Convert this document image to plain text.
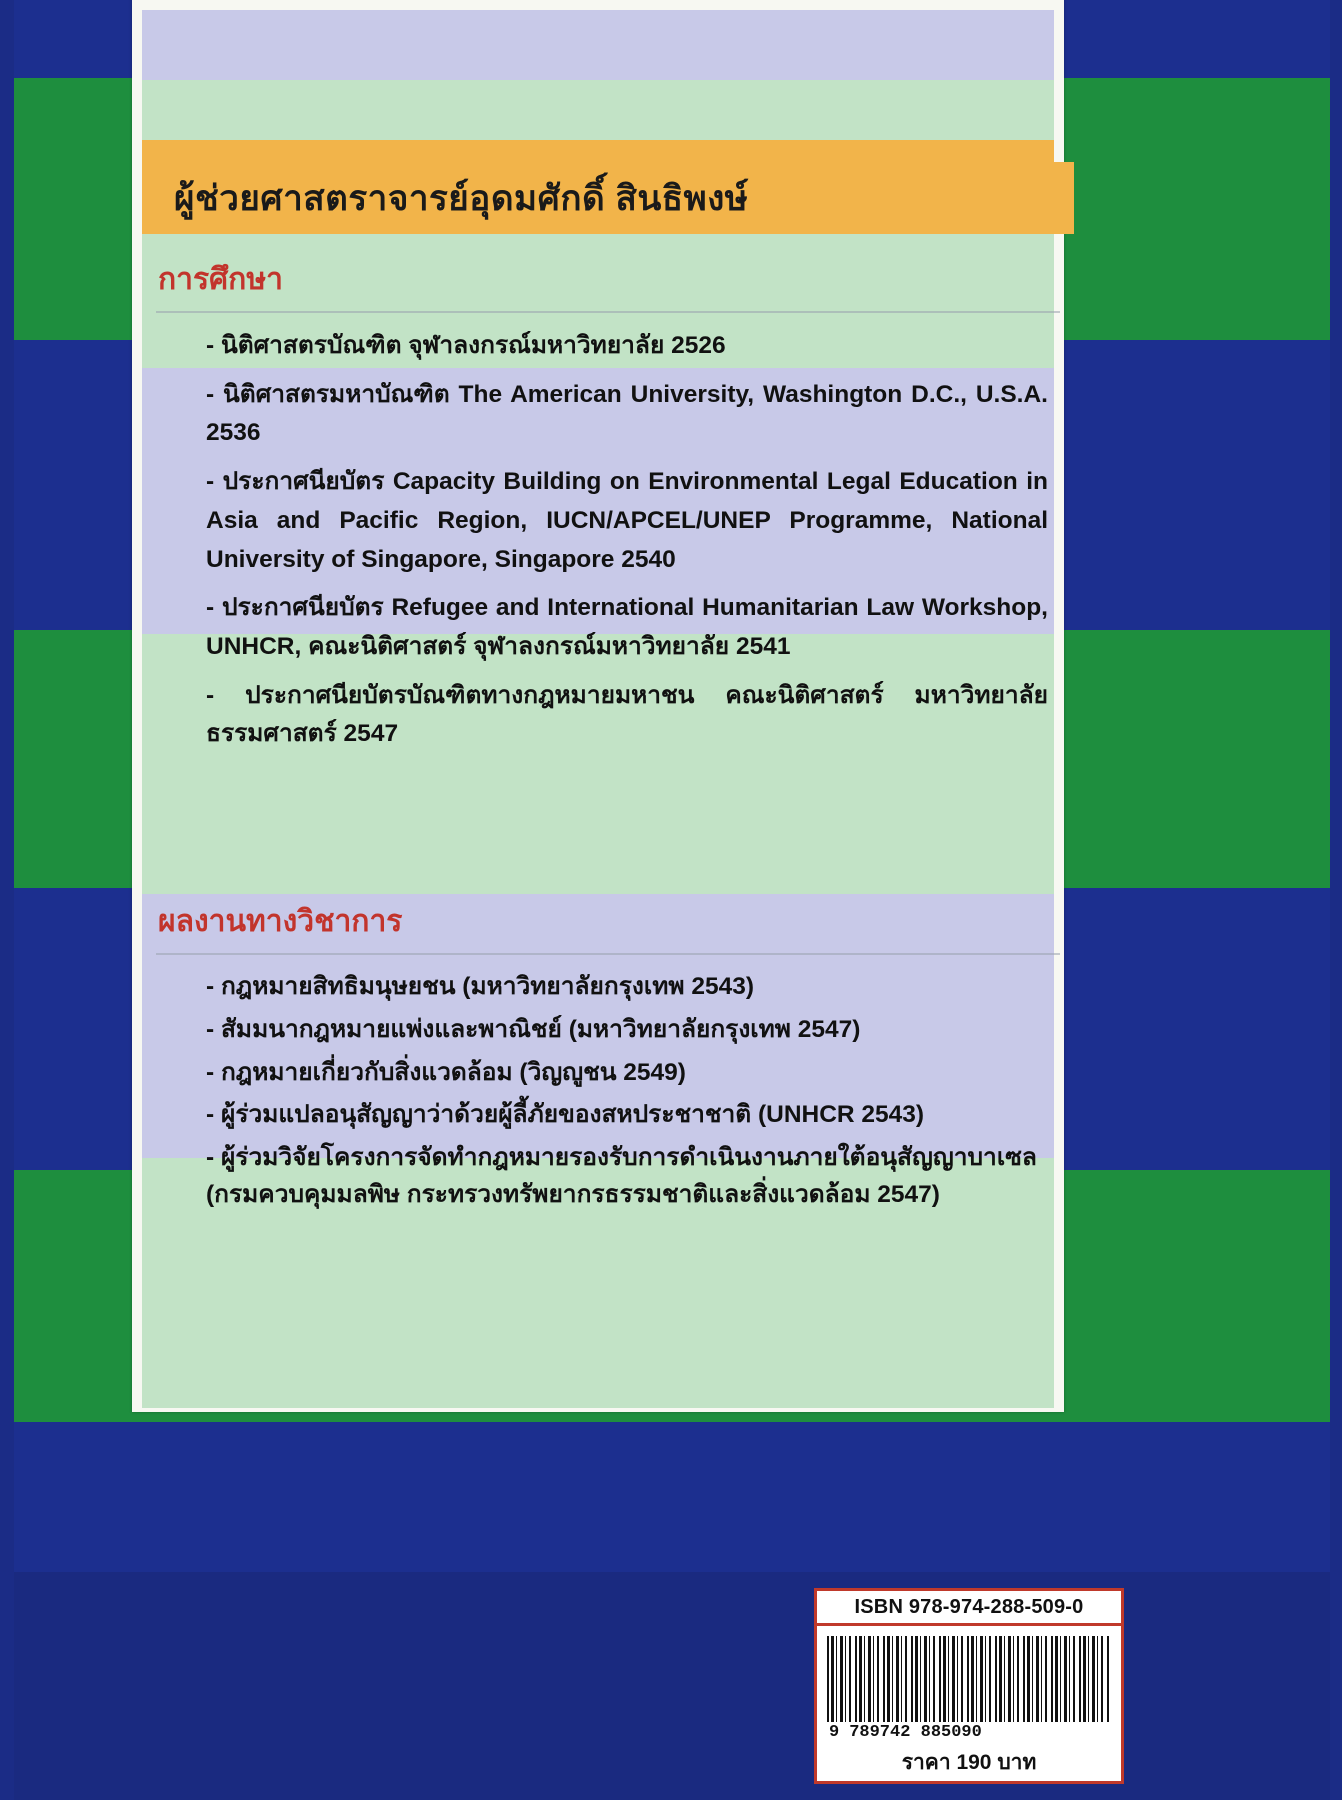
ผู้ช่วยศาสตราจารย์อุดมศักดิ์ สินธิพงษ์
การศึกษา
- นิติศาสตรบัณฑิต จุฬาลงกรณ์มหาวิทยาลัย 2526
- นิติศาสตรมหาบัณฑิต The American University, Washington D.C., U.S.A. 2536
- ประกาศนียบัตร Capacity Building on Environmental Legal Education in Asia and Pacific Region, IUCN/APCEL/UNEP Programme, National University of Singapore, Singapore 2540
- ประกาศนียบัตร Refugee and International Humanitarian Law Workshop, UNHCR, คณะนิติศาสตร์ จุฬาลงกรณ์มหาวิทยาลัย 2541
- ประกาศนียบัตรบัณฑิตทางกฎหมายมหาชน คณะนิติศาสตร์ มหาวิทยาลัยธรรมศาสตร์ 2547
ผลงานทางวิชาการ
- กฎหมายสิทธิมนุษยชน (มหาวิทยาลัยกรุงเทพ 2543)
- สัมมนากฎหมายแพ่งและพาณิชย์ (มหาวิทยาลัยกรุงเทพ 2547)
- กฎหมายเกี่ยวกับสิ่งแวดล้อม (วิญญูชน 2549)
- ผู้ร่วมแปลอนุสัญญาว่าด้วยผู้ลี้ภัยของสหประชาชาติ (UNHCR 2543)
- ผู้ร่วมวิจัยโครงการจัดทำกฎหมายรองรับการดำเนินงานภายใต้อนุสัญญาบาเซล (กรมควบคุมมลพิษ กระทรวงทรัพยากรธรรมชาติและสิ่งแวดล้อม 2547)
ISBN 978-974-288-509-0
9 789742 885090
ราคา 190 บาท
